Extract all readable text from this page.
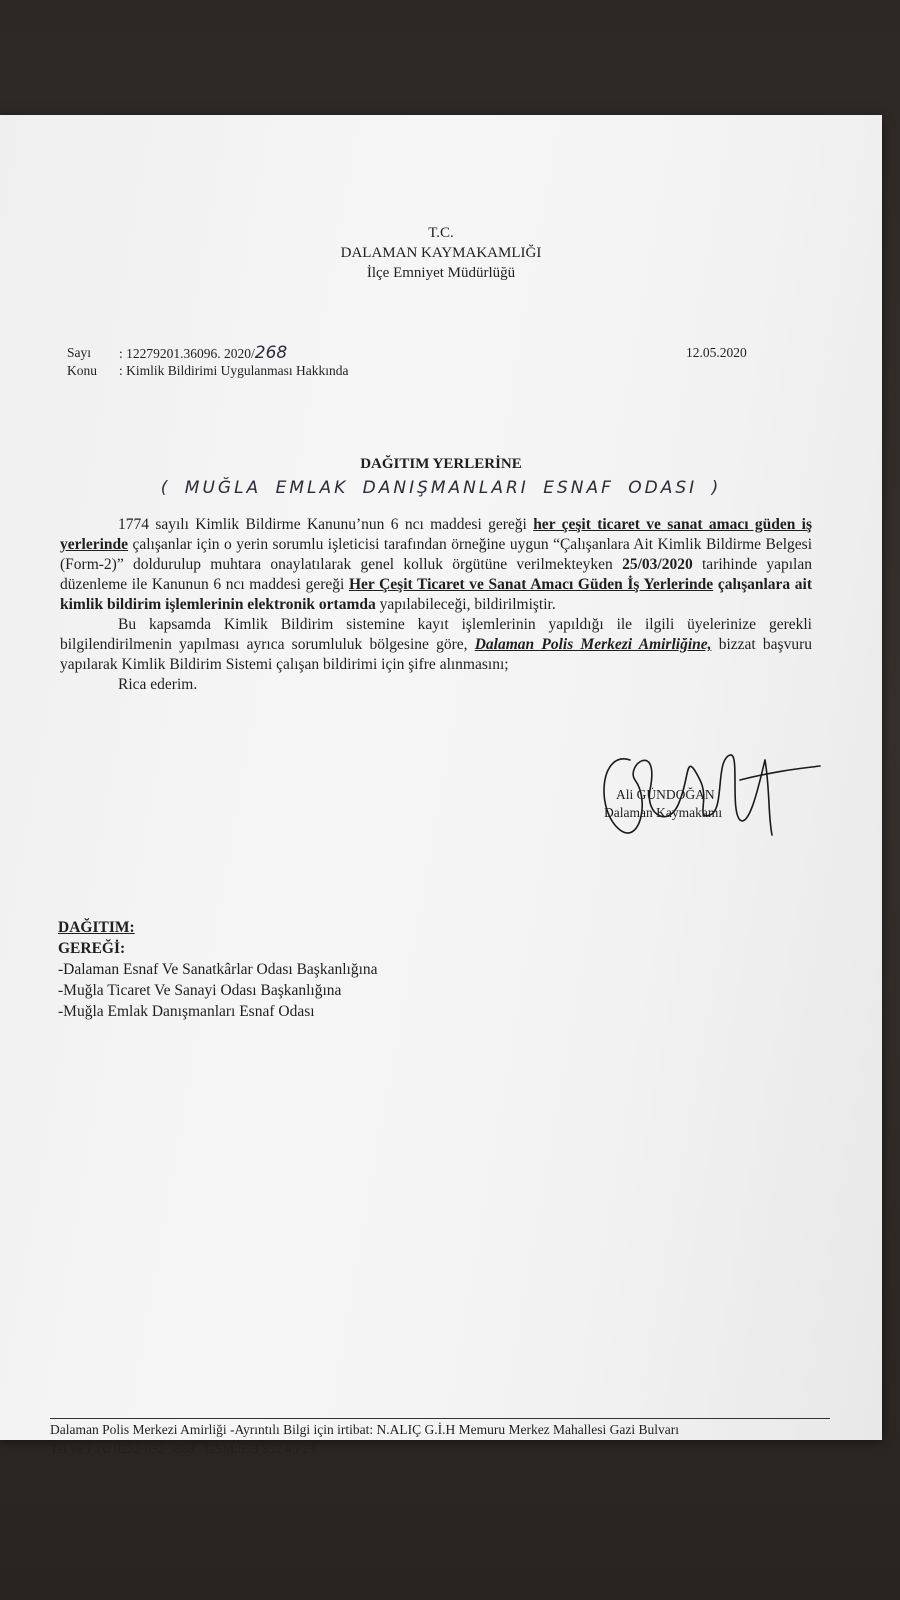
T.C.
DALAMAN KAYMAKAMLIĞI
İlçe Emniyet Müdürlüğü
Sayı : 12279201.36096. 2020/268	12.05.2020
Konu : Kimlik Bildirimi Uygulanması Hakkında
DAĞITIM YERLERİNE
( MUĞLA EMLAK DANIŞMANLARI ESNAF ODASI )

1774 sayılı Kimlik Bildirme Kanunu’nun 6 ncı maddesi gereği her çeşit ticaret ve sanat amacı güden iş yerlerinde çalışanlar için o yerin sorumlu işleticisi tarafından örneğine uygun “Çalışanlara Ait Kimlik Bildirme Belgesi (Form-2)” doldurulup muhtara onaylatılarak genel kolluk örgütüne verilmekteyken 25/03/2020 tarihinde yapılan düzenleme ile Kanunun 6 ncı maddesi gereği Her Çeşit Ticaret ve Sanat Amacı Güden İş Yerlerinde çalışanlara ait kimlik bildirim işlemlerinin elektronik ortamda yapılabileceği, bildirilmiştir.

Bu kapsamda Kimlik Bildirim sistemine kayıt işlemlerinin yapıldığı ile ilgili üyelerinize gerekli bilgilendirilmenin yapılması ayrıca sorumluluk bölgesine göre, Dalaman Polis Merkezi Amirliğine, bizzat başvuru yapılarak Kimlik Bildirim Sistemi çalışan bildirimi için şifre alınmasını;

Rica ederim.

Ali GÜNDOĞAN
Dalaman Kaymakamı
DAĞITIM:
GEREĞİ:
-Dalaman Esnaf Ve Sanatkârlar Odası Başkanlığına
-Muğla Ticaret Ve Sanayi Odası Başkanlığına
-Muğla Emlak Danışmanları Esnaf Odası
Dalaman Polis Merkezi Amirliği -Ayrıntılı Bilgi için irtibat: N.ALIÇ G.İ.H Memuru Merkez Mahallesi Gazi Bulvarı
Tel ve Fax: 0252 692 5888 –GSM:553 352 45 29
